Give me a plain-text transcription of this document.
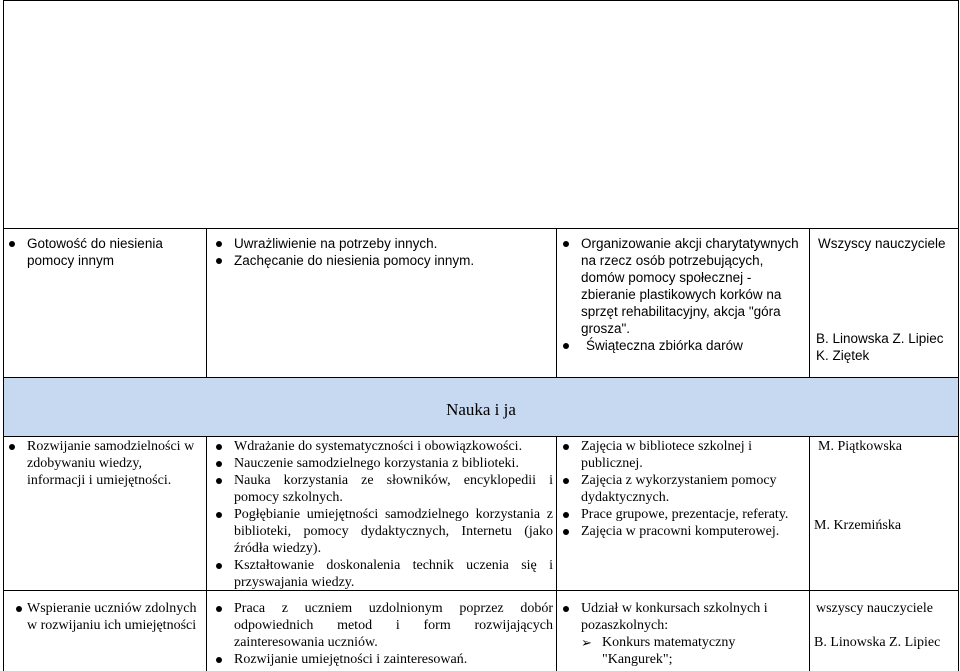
Gotowość do niesienia pomocy innym
Uwrażliwienie na potrzeby innych.
Zachęcanie do niesienia pomocy innym.
Organizowanie akcji charytatywnych na rzecz osób potrzebujących, domów pomocy społecznej - zbieranie plastikowych korków na sprzęt rehabilitacyjny, akcja "góra grosza".
Świąteczna zbiórka darów
Wszyscy nauczyciele
B. Linowska Z. Lipiec
K. Ziętek
Nauka i ja
Rozwijanie samodzielności w zdobywaniu wiedzy, informacji i umiejętności.
Wdrażanie do systematyczności i obowiązkowości.
Nauczenie samodzielnego korzystania z biblioteki.
Nauka korzystania ze słowników, encyklopedii i pomocy szkolnych.
Pogłębianie umiejętności samodzielnego korzystania z biblioteki, pomocy dydaktycznych, Internetu (jako źródła wiedzy).
Kształtowanie doskonalenia technik uczenia się i przyswajania wiedzy.
Zajęcia w bibliotece szkolnej i publicznej.
Zajęcia z wykorzystaniem pomocy dydaktycznych.
Prace grupowe, prezentacje, referaty.
Zajęcia w pracowni komputerowej.
M. Piątkowska
M. Krzemińska
Wspieranie uczniów zdolnych w rozwijaniu ich umiejętności
Praca z uczniem uzdolnionym poprzez dobór odpowiednich metod i form rozwijających zainteresowania uczniów.
Rozwijanie umiejętności i zainteresowań.
Udział w konkursach szkolnych i pozaszkolnych:
➢ Konkurs matematyczny "Kangurek";
wszyscy nauczyciele
B. Linowska Z. Lipiec
